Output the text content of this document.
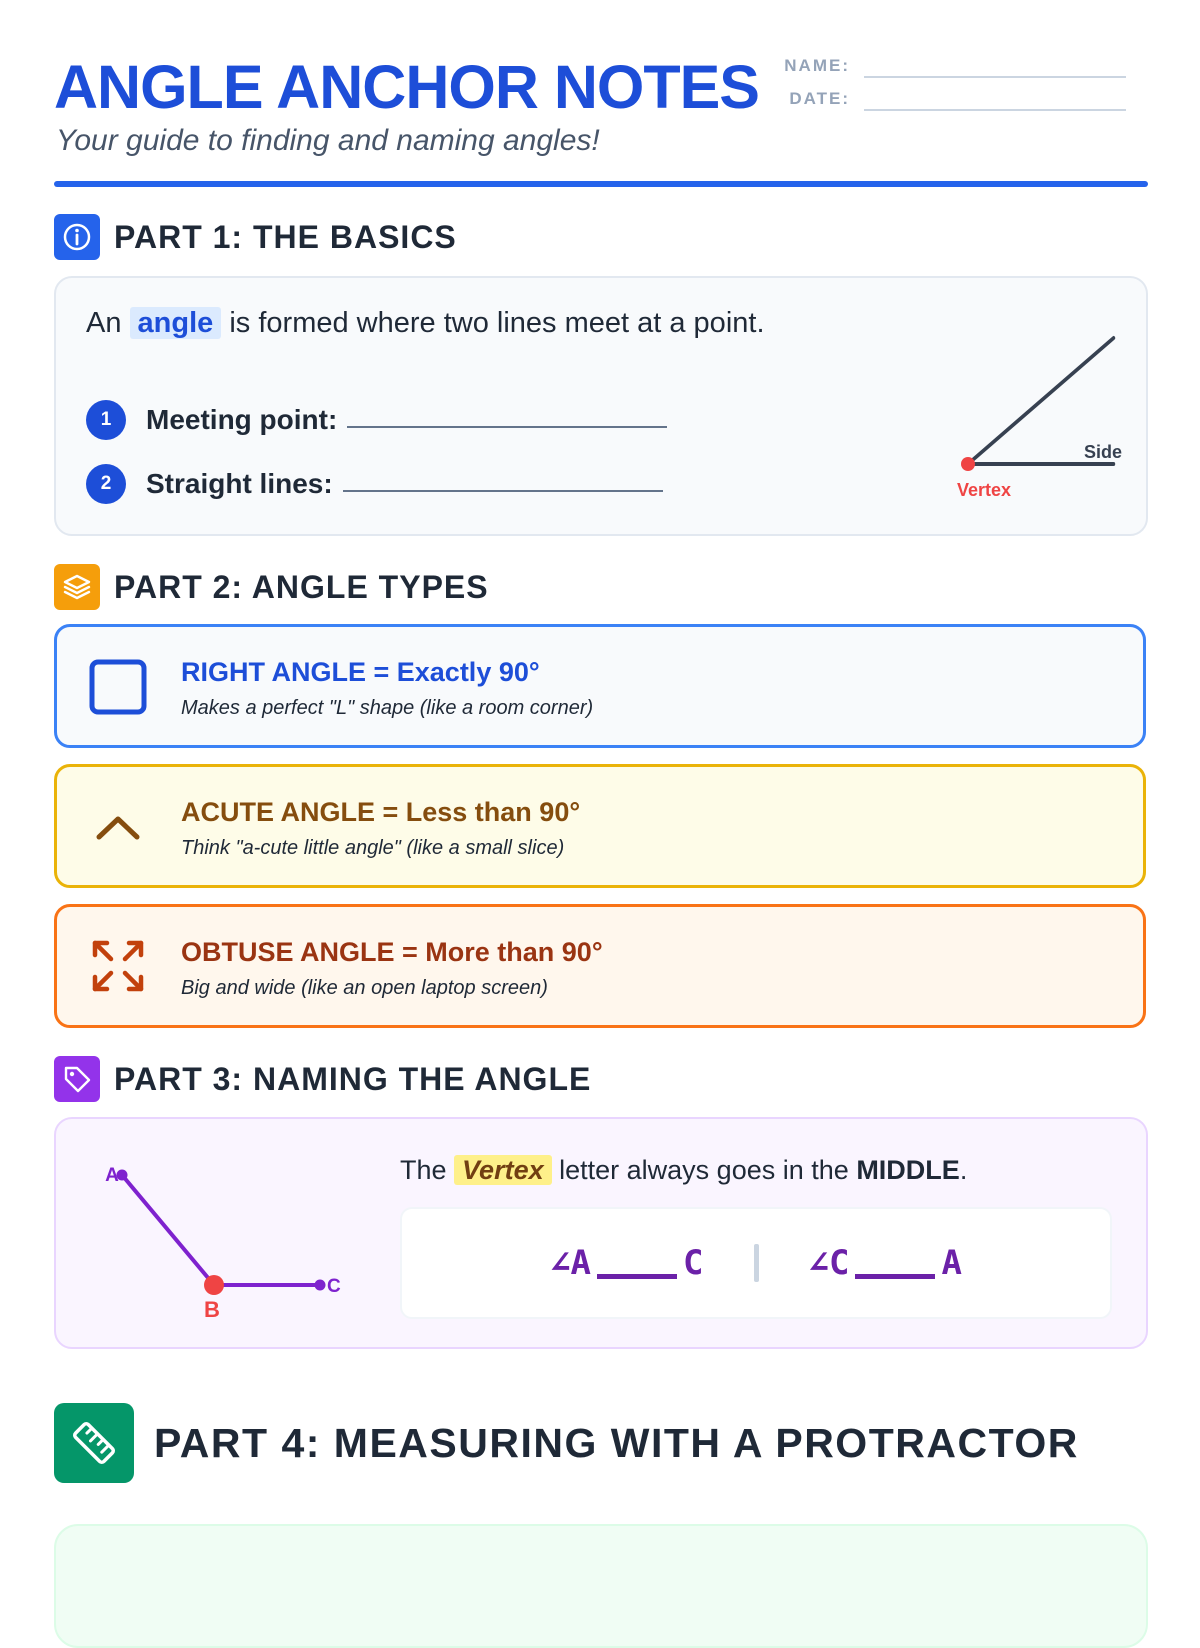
ANGLE ANCHOR NOTES
Your guide to finding and naming angles!
NAME:
DATE:
PART 1: THE BASICS
An angle is formed where two lines meet at a point.
1	Meeting point:
2	Straight lines:
Side
Vertex
PART 2: ANGLE TYPES
RIGHT ANGLE = Exactly 90°
Makes a perfect "L" shape (like a room corner)
ACUTE ANGLE = Less than 90°
Think "a-cute little angle" (like a small slice)
OBTUSE ANGLE = More than 90°
Big and wide (like an open laptop screen)
PART 3: NAMING THE ANGLE
A
B
C
The Vertex letter always goes in the MIDDLE.
∠A	C	∠C	A
PART 4: MEASURING WITH A PROTRACTOR
